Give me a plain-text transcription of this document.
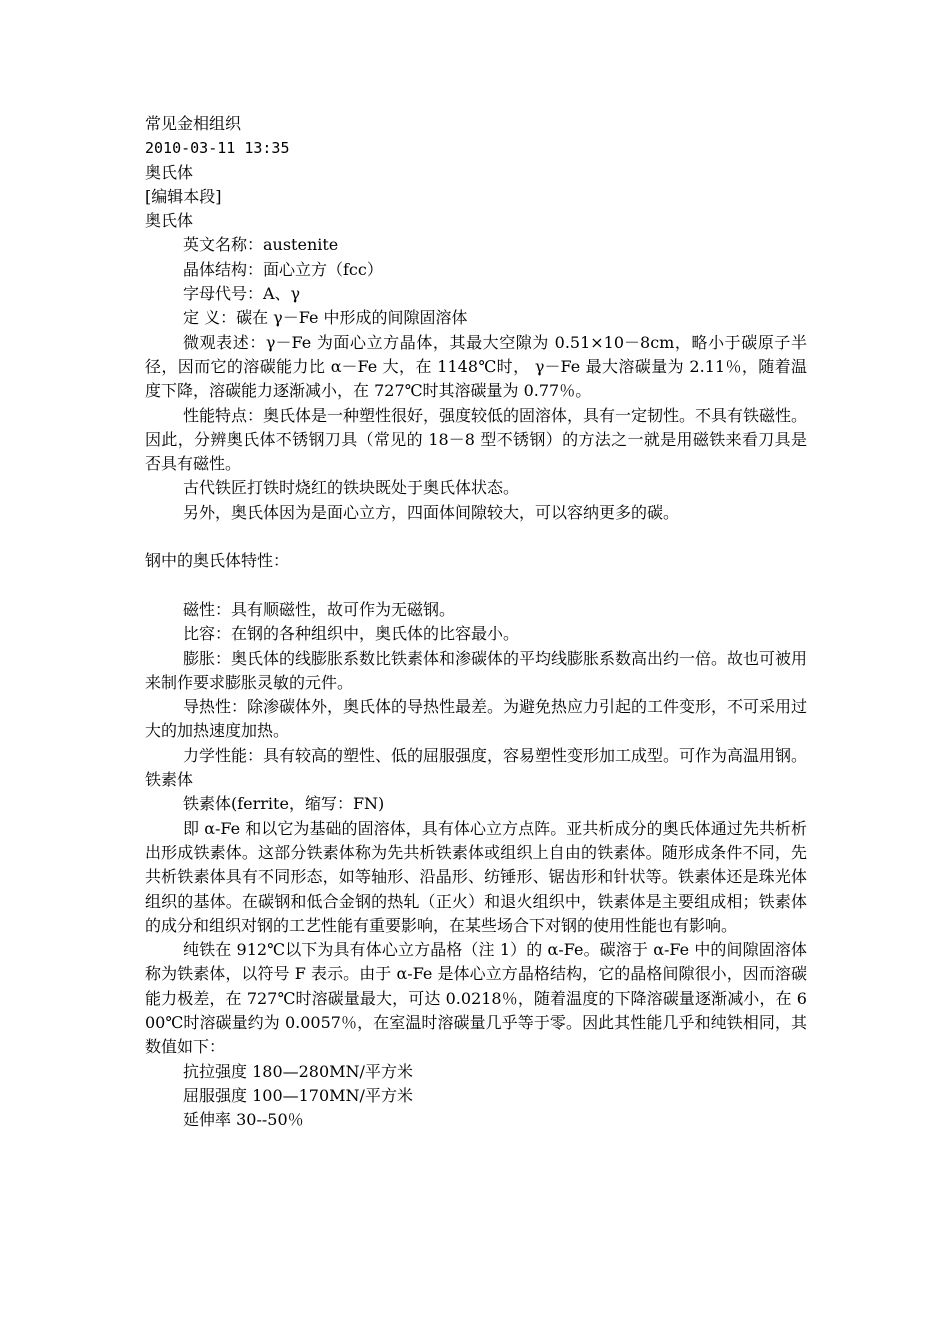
常见金相组织
2010-03-11 13:35
奥氏体
[编辑本段]
奥氏体
英文名称：austenite
晶体结构：面心立方（fcc）
字母代号：A、γ
定 义：碳在 γ－Fe 中形成的间隙固溶体
微观表述：γ－Fe 为面心立方晶体，其最大空隙为 0.51×10－8cm，略小于碳原子半径，因而它的溶碳能力比 α－Fe 大，在 1148℃时， γ－Fe 最大溶碳量为 2.11％，随着温度下降，溶碳能力逐渐减小，在 727℃时其溶碳量为 0.77％。
性能特点：奥氏体是一种塑性很好，强度较低的固溶体，具有一定韧性。不具有铁磁性。因此，分辨奥氏体不锈钢刀具（常见的 18－8 型不锈钢）的方法之一就是用磁铁来看刀具是否具有磁性。
古代铁匠打铁时烧红的铁块既处于奥氏体状态。
另外，奥氏体因为是面心立方，四面体间隙较大，可以容纳更多的碳。
钢中的奥氏体特性：
磁性：具有顺磁性，故可作为无磁钢。
比容：在钢的各种组织中，奥氏体的比容最小。
膨胀：奥氏体的线膨胀系数比铁素体和渗碳体的平均线膨胀系数高出约一倍。故也可被用来制作要求膨胀灵敏的元件。
导热性：除渗碳体外，奥氏体的导热性最差。为避免热应力引起的工件变形，不可采用过大的加热速度加热。
力学性能：具有较高的塑性、低的屈服强度，容易塑性变形加工成型。可作为高温用钢。
铁素体
铁素体(ferrite，缩写：FN)
即 α-Fe 和以它为基础的固溶体，具有体心立方点阵。亚共析成分的奥氏体通过先共析析出形成铁素体。这部分铁素体称为先共析铁素体或组织上自由的铁素体。随形成条件不同，先共析铁素体具有不同形态，如等轴形、沿晶形、纺锤形、锯齿形和针状等。铁素体还是珠光体组织的基体。在碳钢和低合金钢的热轧（正火）和退火组织中，铁素体是主要组成相；铁素体的成分和组织对钢的工艺性能有重要影响，在某些场合下对钢的使用性能也有影响。
纯铁在 912℃以下为具有体心立方晶格（注 1）的 α-Fe。碳溶于 α-Fe 中的间隙固溶体称为铁素体，以符号 F 表示。由于 α-Fe 是体心立方晶格结构，它的晶格间隙很小，因而溶碳能力极差，在 727℃时溶碳量最大，可达 0.0218％，随着温度的下降溶碳量逐渐减小，在 600℃时溶碳量约为 0.0057％，在室温时溶碳量几乎等于零。因此其性能几乎和纯铁相同，其数值如下：
抗拉强度 180—280MN/平方米
屈服强度 100—170MN/平方米
延伸率 30--50％
